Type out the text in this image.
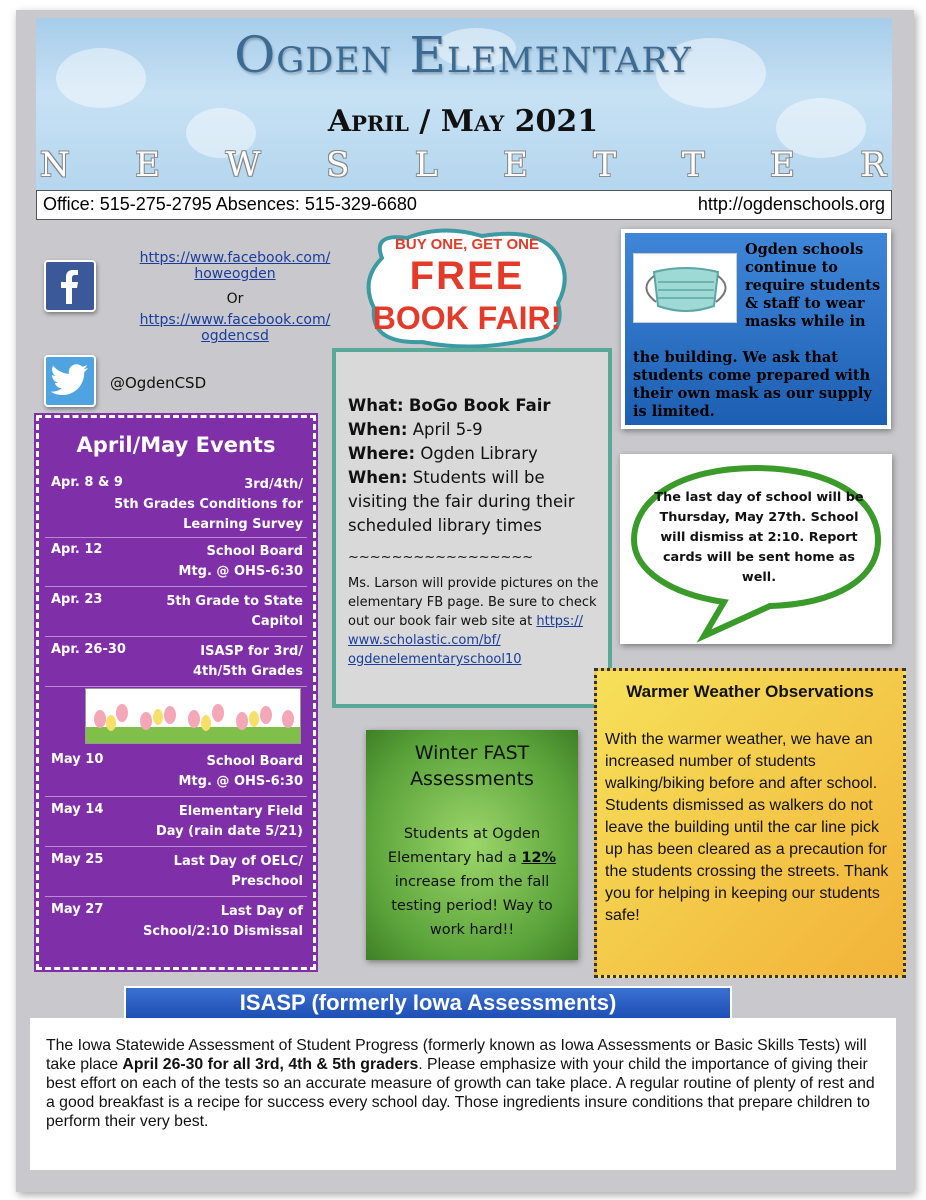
Ogden Elementary
April / May 2021
N E W S L E T T E R
Office: 515-275-2795 Absences: 515-329-6680	http://ogdenschools.org
https://www.facebook.com/ howeogden
Or
https://www.facebook.com/ ogdencsd
@OgdenCSD
April/May Events
Apr. 8 & 9	3rd/4th/
5th Grades Conditions for
Learning Survey
Apr. 12	School Board
Mtg. @ OHS-6:30
Apr. 23	5th Grade to State
Capitol
Apr. 26-30	ISASP for 3rd/
4th/5th Grades
May 10	School Board
Mtg. @ OHS-6:30
May 14	Elementary Field
Day (rain date 5/21)
May 25	Last Day of OELC/
Preschool
May 27	Last Day of
School/2:10 Dismissal
What: BoGo Book Fair
When: April 5-9
Where: Ogden Library
When: Students will be visiting the fair during their scheduled library times
~~~~~~~~~~~~~~~~~
Ms. Larson will provide pictures on the elementary FB page. Be sure to check out our book fair web site at https:// www.scholastic.com/bf/ ogdenelementaryschool10
BUY ONE, GET ONE
FREE
BOOK FAIR!
Ogden schools continue to require students & staff to wear masks while in
the building. We ask that students come prepared with their own mask as our supply is limited.
The last day of school will be Thursday, May 27th. School will dismiss at 2:10. Report cards will be sent home as well.
Warmer Weather Observations
With the warmer weather, we have an increased number of students walking/biking before and after school. Students dismissed as walkers do not leave the building until the car line pick up has been cleared as a precaution for the students crossing the streets. Thank you for helping in keeping our students safe!
Winter FAST Assessments
Students at Ogden Elementary had a 12% increase from the fall testing period! Way to work hard!!
The Iowa Statewide Assessment of Student Progress (formerly known as Iowa Assessments or Basic Skills Tests) will take place April 26-30 for all 3rd, 4th & 5th graders. Please emphasize with your child the importance of giving their best effort on each of the tests so an accurate measure of growth can take place. A regular routine of plenty of rest and a good breakfast is a recipe for success every school day. Those ingredients insure conditions that prepare children to perform their very best.
ISASP (formerly Iowa Assessments)
